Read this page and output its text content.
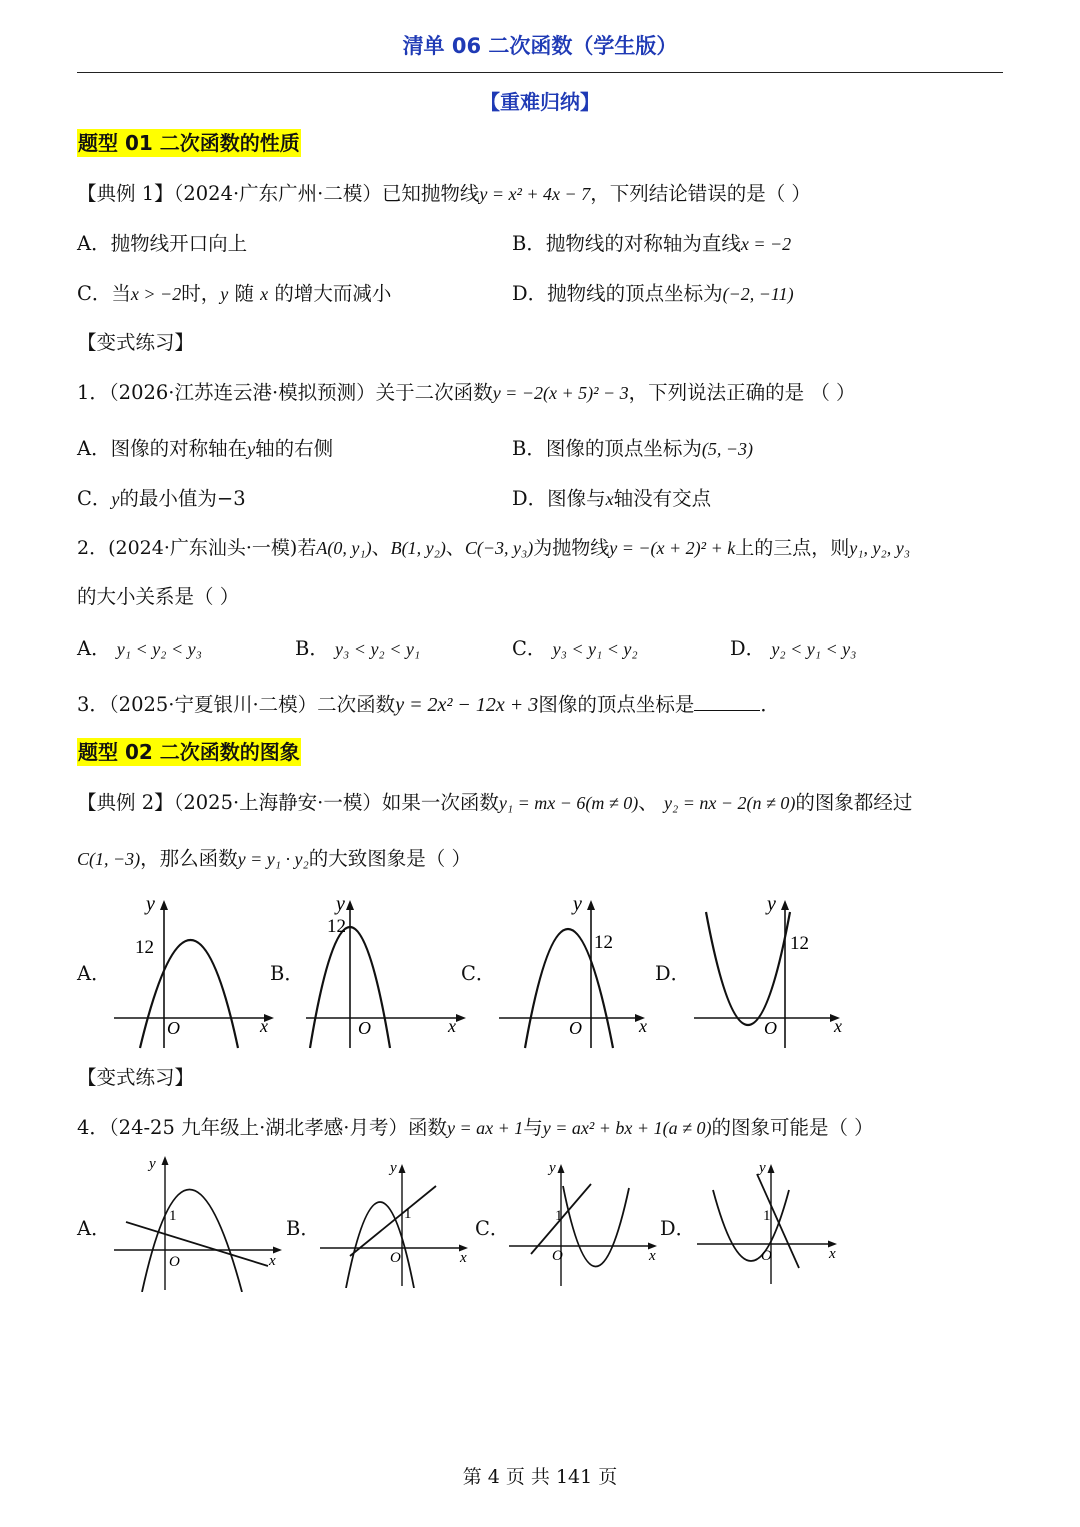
清单 06 二次函数（学生版）
【重难归纳】
题型 01 二次函数的性质
【典例 1】（2024·广东广州·二模）已知抛物线y = x² + 4x − 7，下列结论错误的是（ ）
A．抛物线开口向上	B．抛物线的对称轴为直线x = −2
C．当x > −2时，y 随 x 的增大而减小	D．抛物线的顶点坐标为(−2, −11)
【变式练习】
1．（2026·江苏连云港·模拟预测）关于二次函数y = −2(x + 5)² − 3，下列说法正确的是 （ ）
A．图像的对称轴在y轴的右侧	B．图像的顶点坐标为(5, −3)
C．y的最小值为−3	D．图像与x轴没有交点
2．(2024·广东汕头·一模)若A(0, y₁)、B(1, y₂)、C(−3, y₃)为抛物线y = −(x + 2)² + k上的三点，则y₁, y₂, y₃
的大小关系是（ ）
A． y₁ < y₂ < y₃	B． y₃ < y₂ < y₁	C． y₃ < y₁ < y₂	D． y₂ < y₁ < y₃
3．（2025·宁夏银川·二模）二次函数y = 2x² − 12x + 3图像的顶点坐标是	．
题型 02 二次函数的图象
【典例 2】（2025·上海静安·一模）如果一次函数y₁ = mx − 6(m ≠ 0)、 y₂ = nx − 2(n ≠ 0)的图象都经过
C(1, −3)，那么函数y = y₁ · y₂的大致图象是（ ）
A．
y
x
O
12
B．
y
x
O
12
C．
y
x
O
12
D．
y
x
O
12
【变式练习】
4．（24-25 九年级上·湖北孝感·月考）函数y = ax + 1与y = ax² + bx + 1(a ≠ 0)的图象可能是（ ）
A．
y
x
O
1
B．
y
x
O
1
C．
y
x
O
1
D．
y
x
O
1
第 4 页 共 141 页
